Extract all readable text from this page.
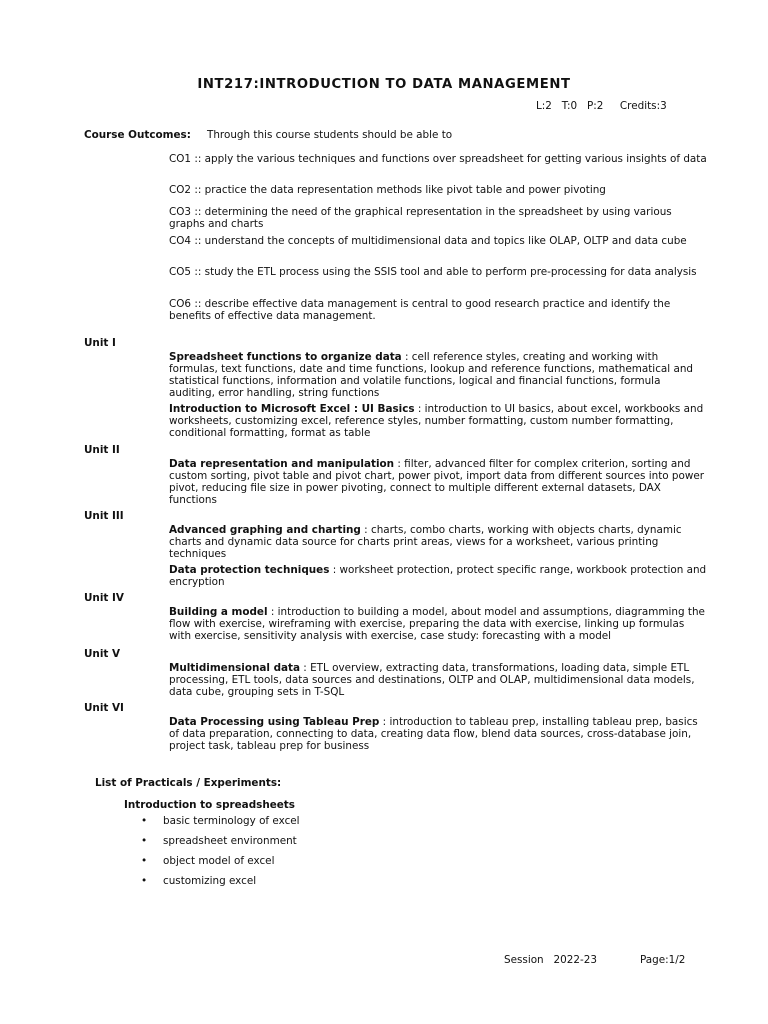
INT217:INTRODUCTION TO DATA MANAGEMENT
L:2   T:0   P:2     Credits:3
Course Outcomes: Through this course students should be able to
CO1 :: apply the various techniques and functions over spreadsheet for getting various insights of data
CO2 :: practice the data representation methods like pivot table and power pivoting
CO3 :: determining the need of the graphical representation in the spreadsheet by using various graphs and charts
CO4 :: understand the concepts of multidimensional data and topics like OLAP, OLTP and data cube
CO5 :: study the ETL process using the SSIS tool and able to perform pre-processing for data analysis
CO6 :: describe effective data management is central to good research practice and identify the benefits of effective data management.
Unit I
Spreadsheet functions to organize data : cell reference styles, creating and working with formulas, text functions, date and time functions, lookup and reference functions, mathematical and statistical functions, information and volatile functions, logical and financial functions, formula auditing, error handling, string functions
Introduction to Microsoft Excel : UI Basics : introduction to UI basics, about excel, workbooks and worksheets, customizing excel, reference styles, number formatting, custom number formatting, conditional formatting, format as table
Unit II
Data representation and manipulation : filter, advanced filter for complex criterion, sorting and custom sorting, pivot table and pivot chart, power pivot, import data from different sources into power pivot, reducing file size in power pivoting, connect to multiple different external datasets, DAX functions
Unit III
Advanced graphing and charting : charts, combo charts, working with objects charts, dynamic charts and dynamic data source for charts print areas, views for a worksheet, various printing techniques
Data protection techniques : worksheet protection, protect specific range, workbook protection and encryption
Unit IV
Building a model : introduction to building a model, about model and assumptions, diagramming the flow with exercise, wireframing with exercise, preparing the data with exercise, linking up formulas with exercise, sensitivity analysis with exercise, case study: forecasting with a model
Unit V
Multidimensional data : ETL overview, extracting data, transformations, loading data, simple ETL processing, ETL tools, data sources and destinations, OLTP and OLAP, multidimensional data models, data cube, grouping sets in T-SQL
Unit VI
Data Processing using Tableau Prep : introduction to tableau prep, installing tableau prep, basics of data preparation, connecting to data, creating data flow, blend data sources, cross-database join, project task, tableau prep for business
List of Practicals / Experiments:
Introduction to spreadsheets
• basic terminology of excel
• spreadsheet environment
• object model of excel
• customizing excel
Session   2022-23	Page:1/2
